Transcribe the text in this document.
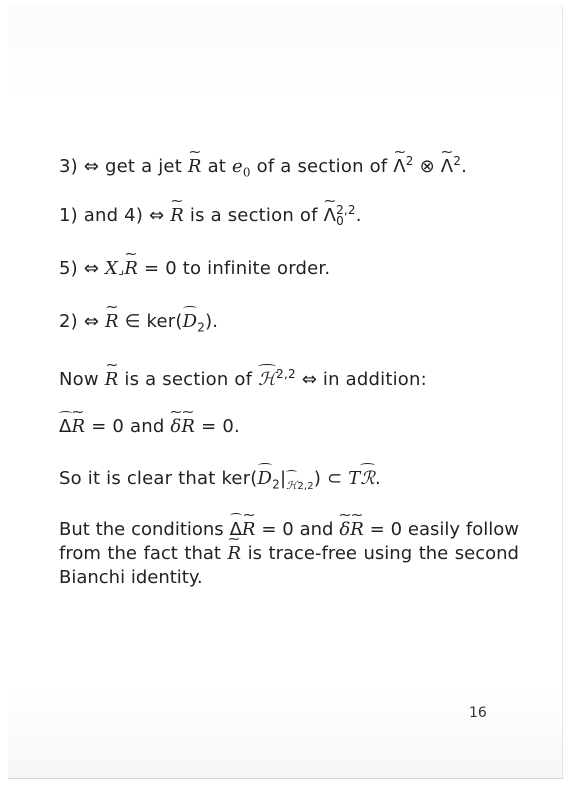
3) ⇔ get a jet ~ R at $e_0$ of a section of ~ $\Lambda^2$ ⊗ ~ $\Lambda^2$.
1) and 4) ⇔ ~ R is a section of ~ Λ 2,2
0 .
5) ⇔ X⌟~ R = 0 to infinite order.
2) ⇔ ~ R ∈ $ker(D_2)$.
Now ~ R is a section of ℋ$^{2,2}$ ⇔ in addition:
Δ~ R = 0 and ~ δ~ R = 0.
So it is clear that $ker(D_2|_{ℋ2,2})$ ⊂ Tℛ.
But the conditions Δ~ R = 0 and ~ δ~ R = 0 easily follow from the fact that ~ R is trace-free using the second Bianchi identity.
16
